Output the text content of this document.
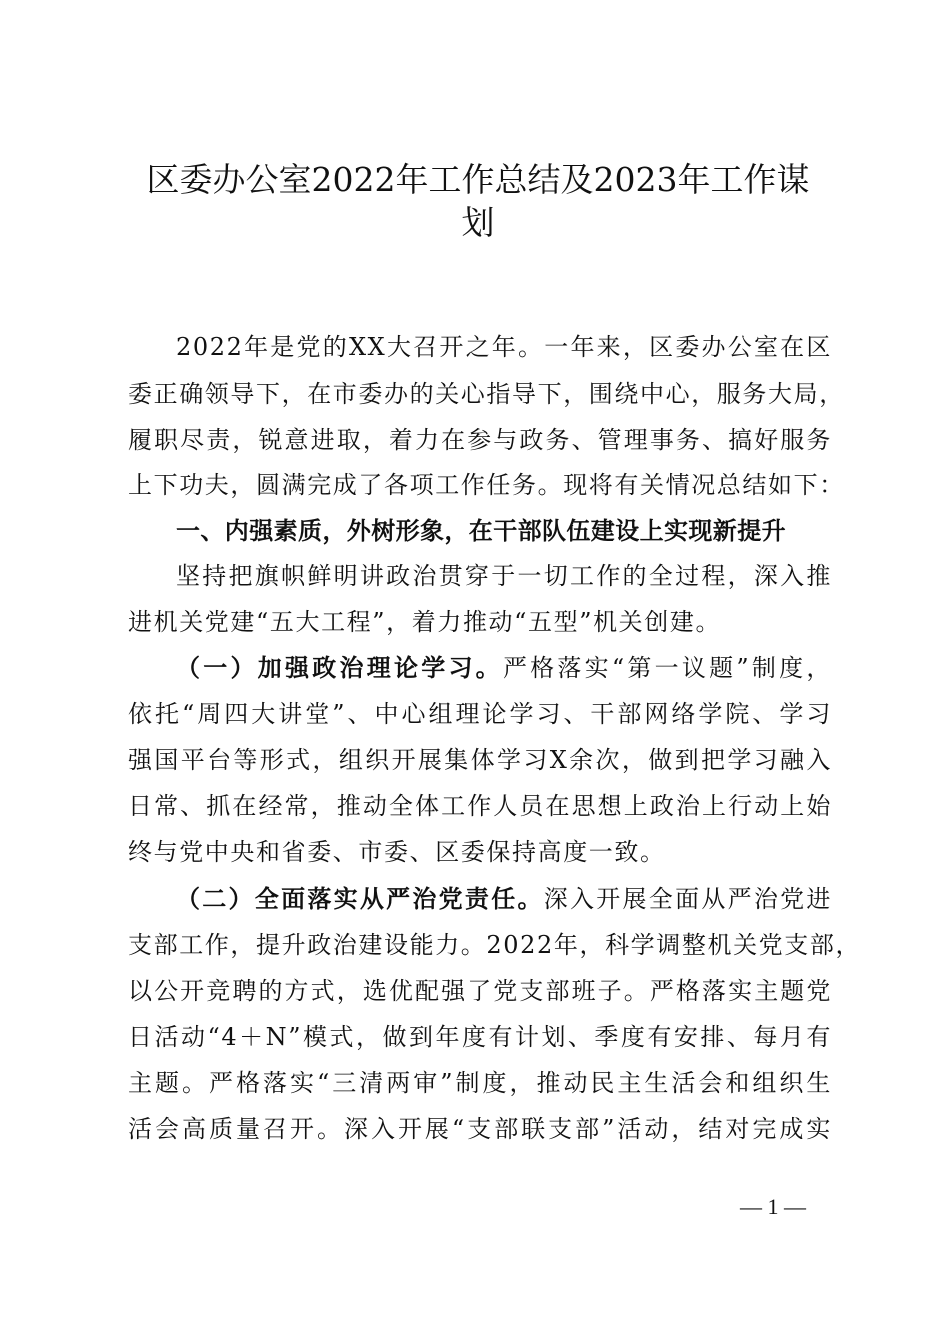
区委办公室2022年工作总结及2023年工作谋
划

2022年是党的XX大召开之年。一年来，区委办公室在区

委正确领导下，在市委办的关心指导下，围绕中心，服务大局，

履职尽责，锐意进取，着力在参与政务、管理事务、搞好服务

上下功夫，圆满完成了各项工作任务。现将有关情况总结如下：

一、内强素质，外树形象，在干部队伍建设上实现新提升

坚持把旗帜鲜明讲政治贯穿于一切工作的全过程，深入推

进机关党建“五大工程”，着力推动“五型”机关创建。

（一）加强政治理论学习。严格落实“第一议题”制度，

依托“周四大讲堂”、中心组理论学习、干部网络学院、学习

强国平台等形式，组织开展集体学习X余次，做到把学习融入

日常、抓在经常，推动全体工作人员在思想上政治上行动上始

终与党中央和省委、市委、区委保持高度一致。

（二）全面落实从严治党责任。深入开展全面从严治党进

支部工作，提升政治建设能力。2022年，科学调整机关党支部，

以公开竞聘的方式，选优配强了党支部班子。严格落实主题党

日活动“4＋N”模式，做到年度有计划、季度有安排、每月有

主题。严格落实“三清两审”制度，推动民主生活会和组织生

活会高质量召开。深入开展“支部联支部”活动，结对完成实

— 1 —
